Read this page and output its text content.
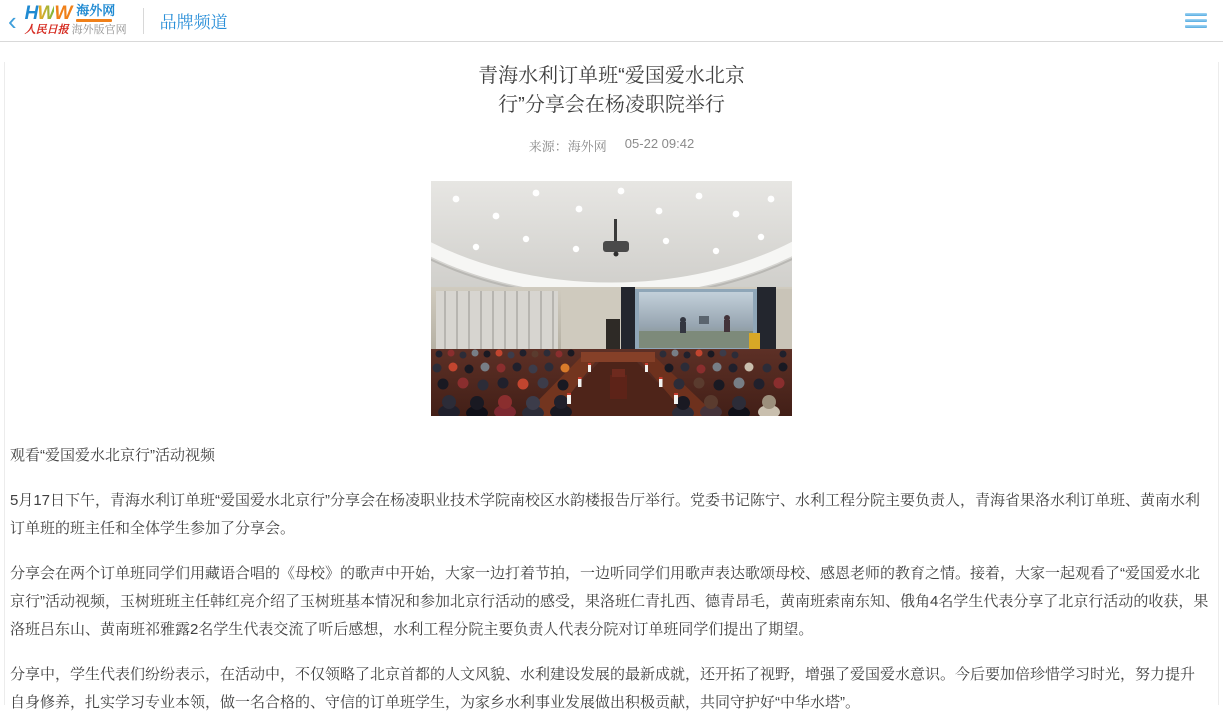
‹ HWW 海外网
人民日报 海外版官网 品牌频道
青海水利订单班“爱国爱水北京
行”分享会在杨凌职院举行
来源：海外网 05-22 09:42

观看“爱国爱水北京行”活动视频

5月17日下午，青海水利订单班“爱国爱水北京行”分享会在杨凌职业技术学院南校区水韵楼报告厅举行。党委书记陈宁、水利工程分院主要负责人，青海省果洛水利订单班、黄南水利订单班的班主任和全体学生参加了分享会。

分享会在两个订单班同学们用藏语合唱的《母校》的歌声中开始，大家一边打着节拍，一边听同学们用歌声表达歌颂母校、感恩老师的教育之情。接着，大家一起观看了“爱国爱水北京行”活动视频，玉树班班主任韩红亮介绍了玉树班基本情况和参加北京行活动的感受，果洛班仁青扎西、德青昂毛，黄南班索南东知、俄角4名学生代表分享了北京行活动的收获，果洛班吕东山、黄南班祁雅露2名学生代表交流了听后感想，水利工程分院主要负责人代表分院对订单班同学们提出了期望。

分享中，学生代表们纷纷表示，在活动中，不仅领略了北京首都的人文风貌、水利建设发展的最新成就，还开拓了视野，增强了爱国爱水意识。今后要加倍珍惜学习时光，努力提升自身修养，扎实学习专业本领，做一名合格的、守信的订单班学生，为家乡水利事业发展做出积极贡献，共同守护好“中华水塔”。
